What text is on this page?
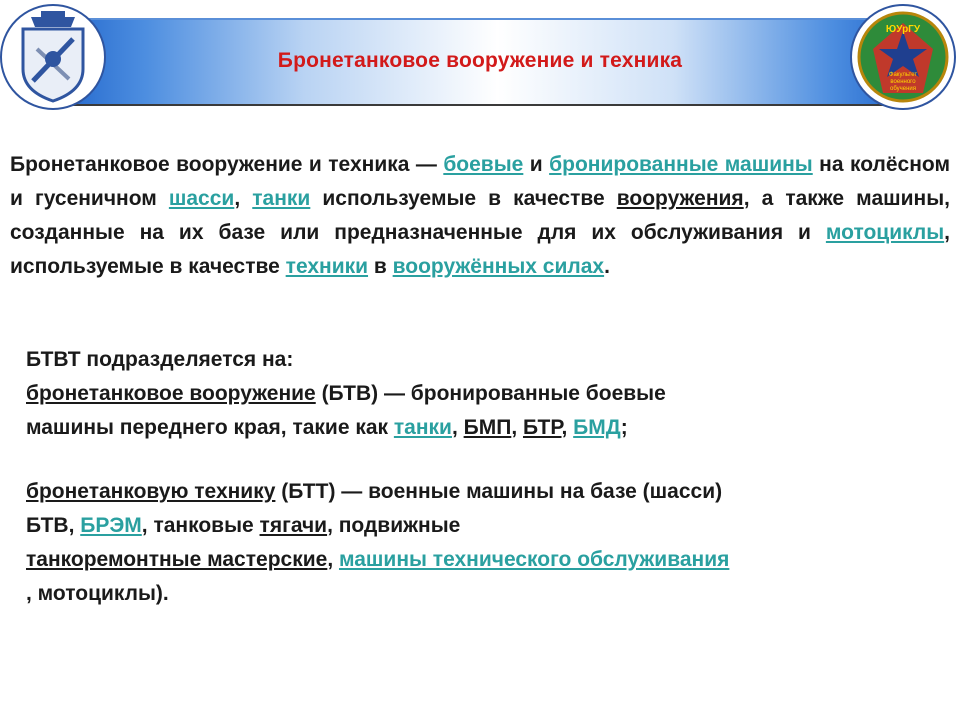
Бронетанковое вооружение и техника
ЮУрГУ
Факультет
военного
обучения
Бронетанковое вооружение и техника — боевые и бронированные машины на колёсном и гусеничном шасси, танки используемые в качестве вооружения, а также машины, созданные на их базе или предназначенные для их обслуживания и мотоциклы, используемые в качестве техники в вооружённых силах.
БТВТ подразделяется на:
бронетанковое вооружение (БТВ) — бронированные боевые
машины переднего края, такие как танки, БМП, БТР, БМД;
бронетанковую технику (БТТ) — военные машины на базе (шасси)
БТВ, БРЭМ, танковые тягачи, подвижные
танкоремонтные мастерские, машины технического обслуживания
, мотоциклы).
